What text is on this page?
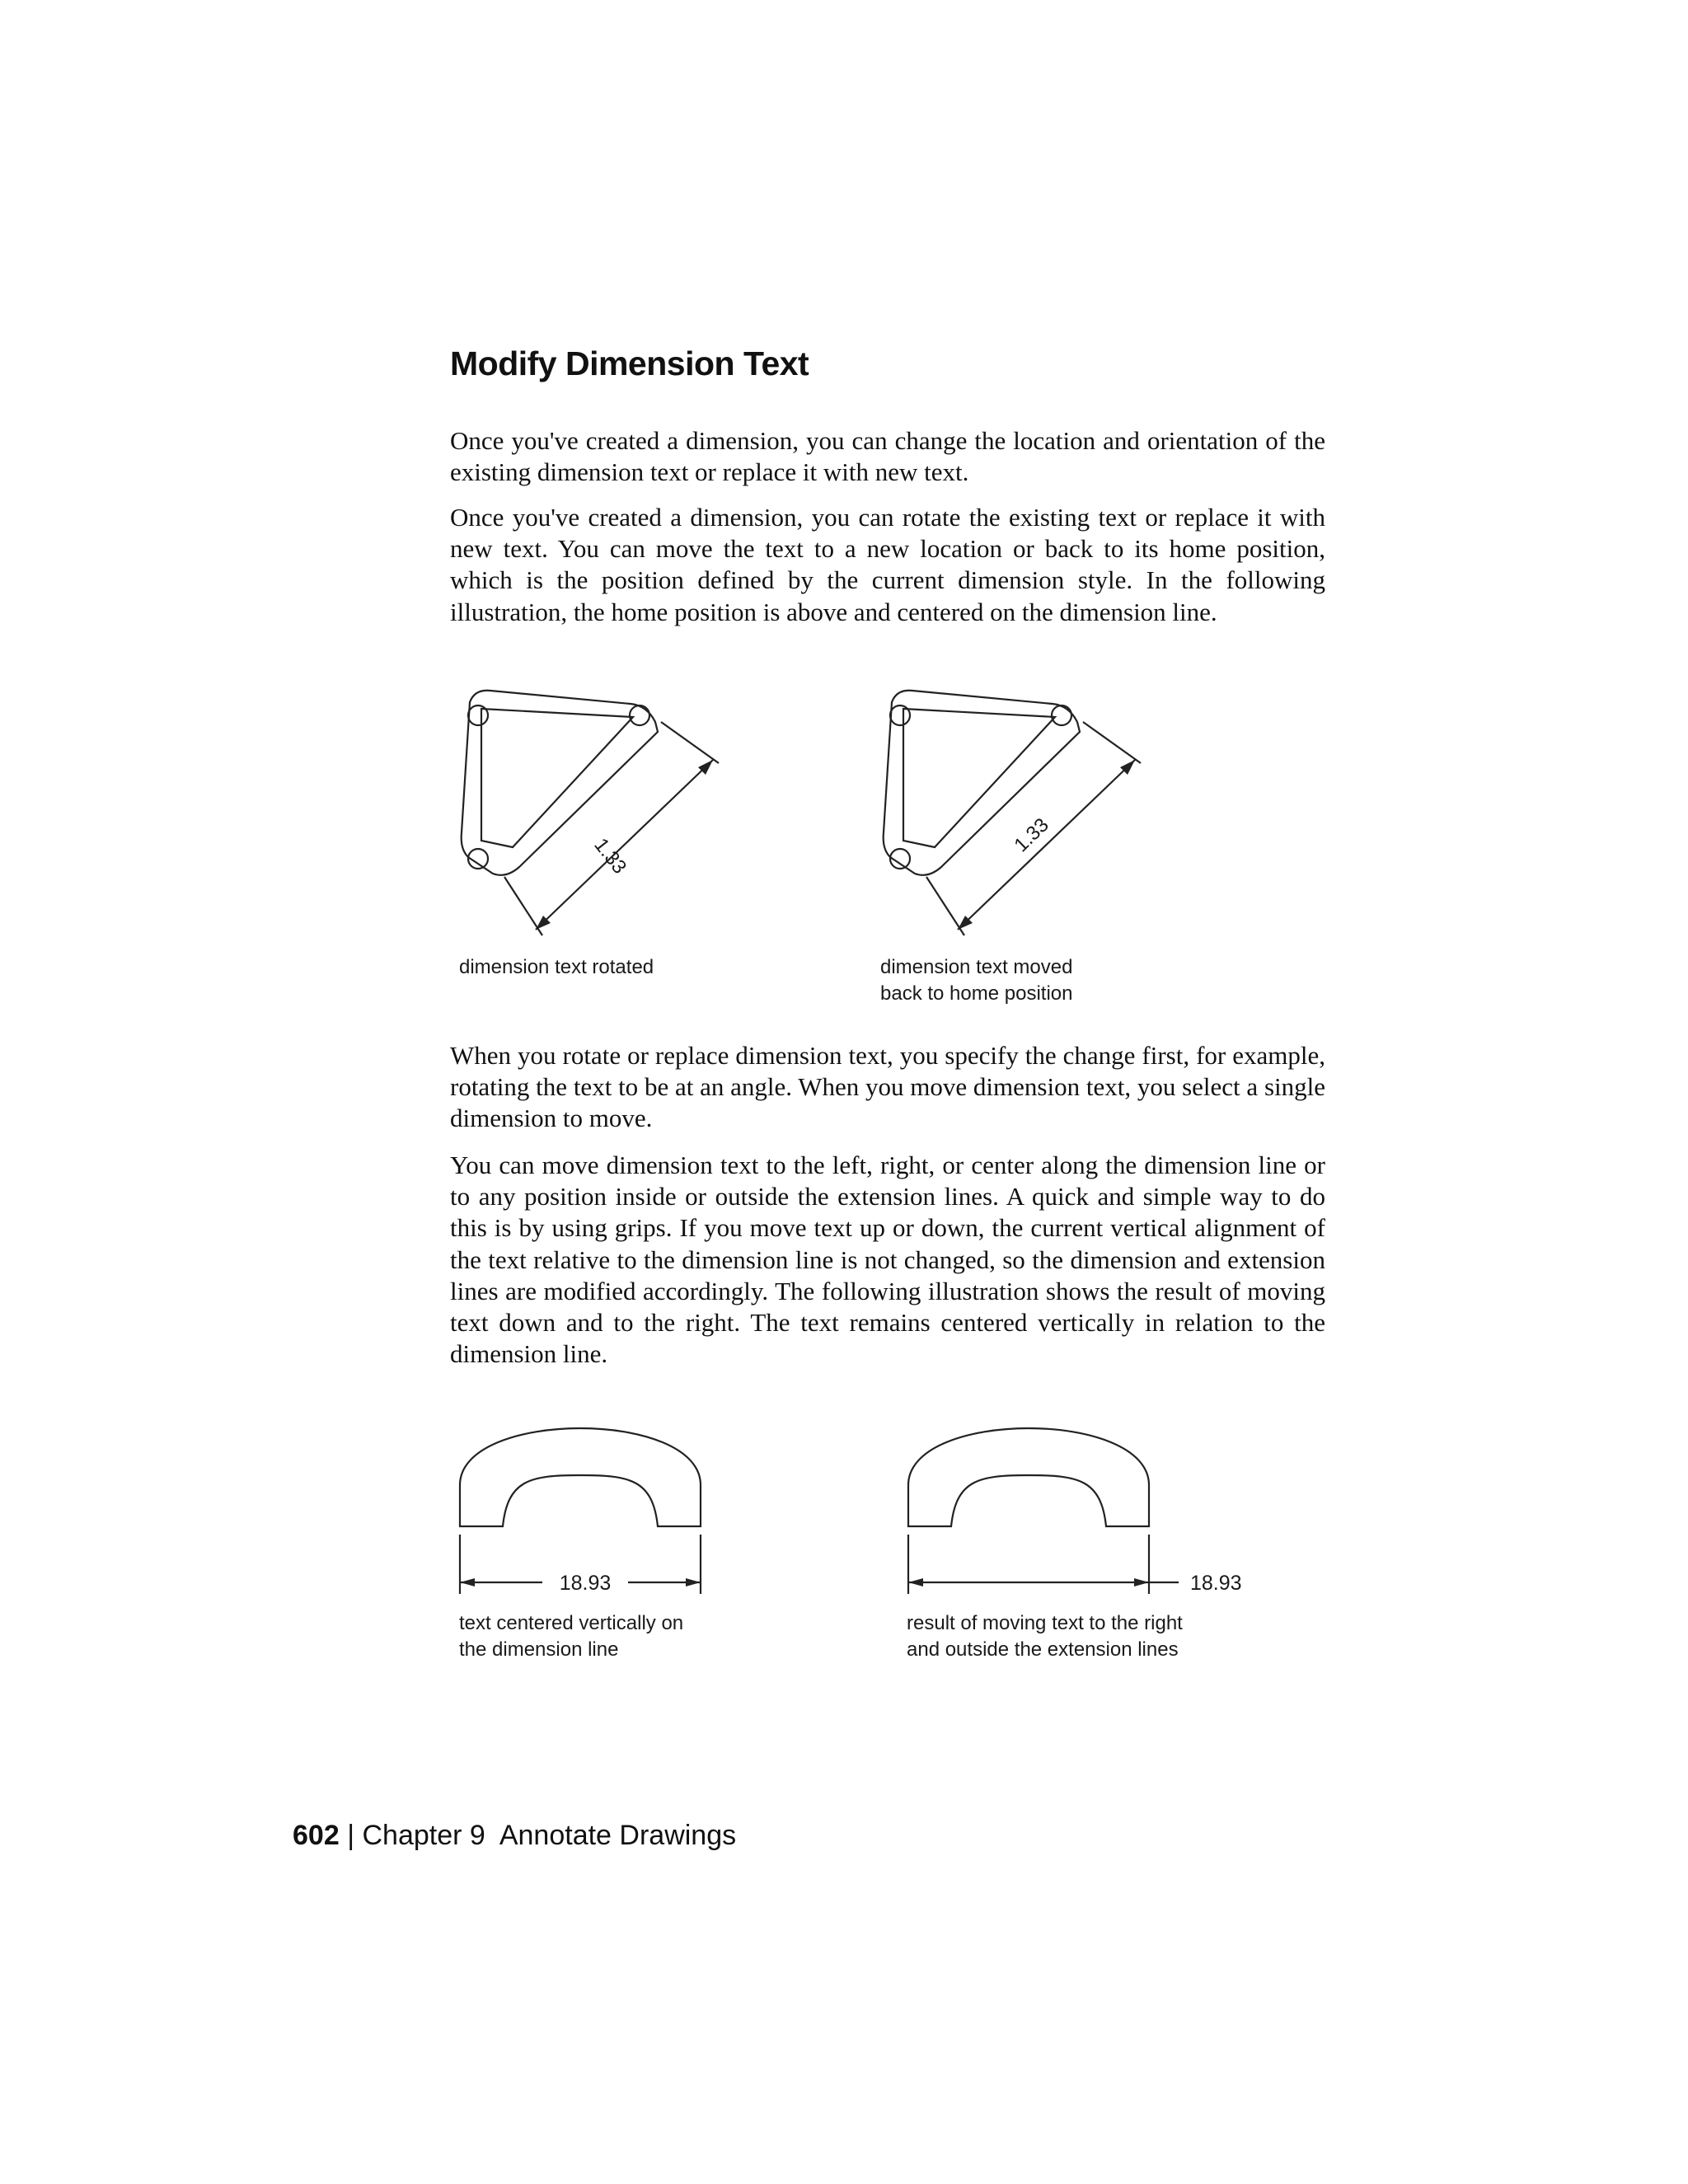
Modify Dimension Text

Once you've created a dimension, you can change the location and orientation of the existing dimension text or replace it with new text.

Once you've created a dimension, you can rotate the existing text or replace it with new text. You can move the text to a new location or back to its home position, which is the position defined by the current dimension style. In the following illustration, the home position is above and centered on the dimension line.

1.33

dimension text rotated

1.33

dimension text moved
back to home position

When you rotate or replace dimension text, you specify the change first, for example, rotating the text to be at an angle. When you move dimension text, you select a single dimension to move.

You can move dimension text to the left, right, or center along the dimension line or to any position inside or outside the extension lines. A quick and simple way to do this is by using grips. If you move text up or down, the current vertical alignment of the text relative to the dimension line is not changed, so the dimension and extension lines are modified accordingly. The following illustration shows the result of moving text down and to the right. The text remains centered vertically in relation to the dimension line.

18.93

text centered vertically on
the dimension line

18.93

result of moving text to the right
and outside the extension lines

602 | Chapter 9 Annotate Drawings
